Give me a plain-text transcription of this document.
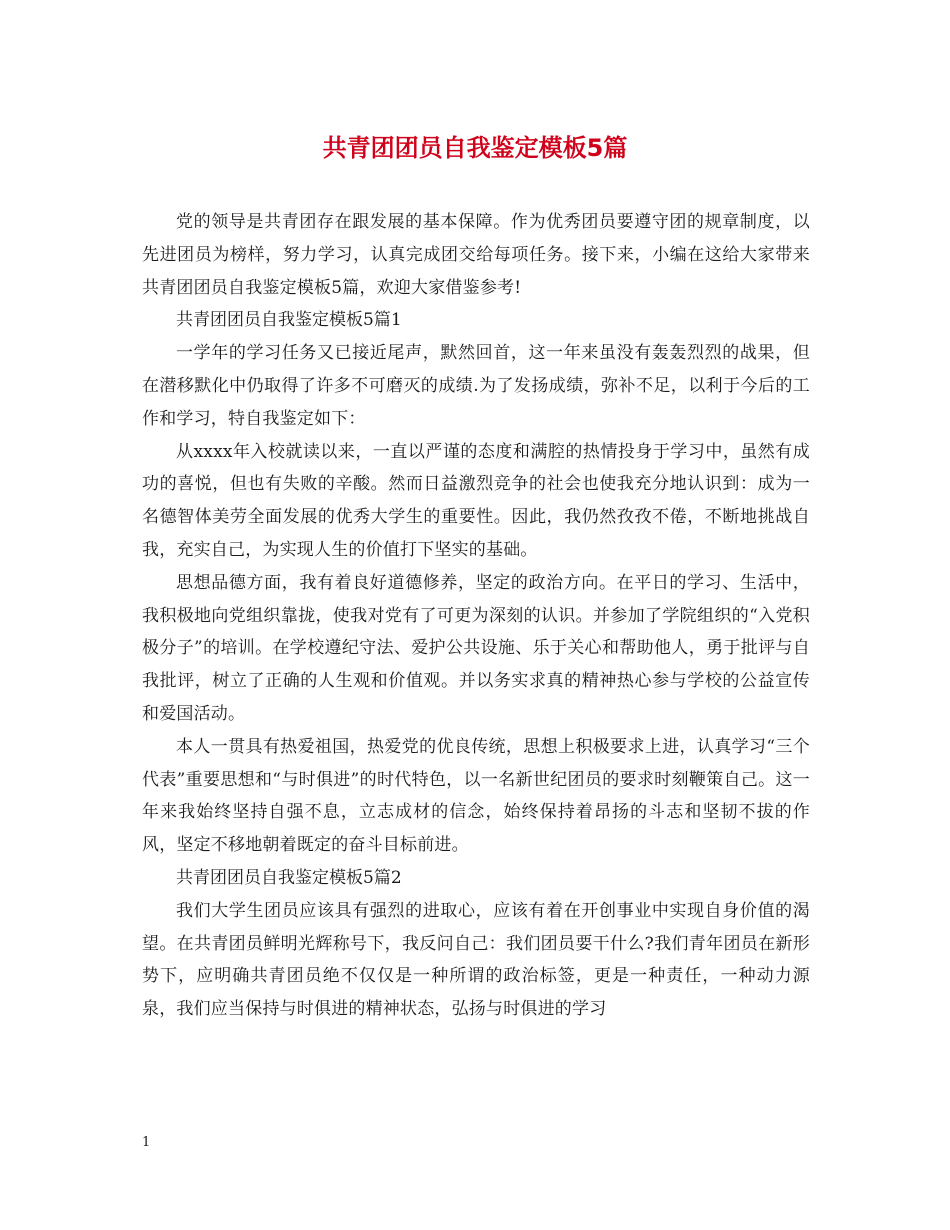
共青团团员自我鉴定模板5篇

党的领导是共青团存在跟发展的基本保障。作为优秀团员要遵守团的规章制度，以先进团员为榜样，努力学习，认真完成团交给每项任务。接下来，小编在这给大家带来共青团团员自我鉴定模板5篇，欢迎大家借鉴参考!

共青团团员自我鉴定模板5篇1

一学年的学习任务又已接近尾声，默然回首，这一年来虽没有轰轰烈烈的战果，但在潜移默化中仍取得了许多不可磨灭的成绩.为了发扬成绩，弥补不足，以利于今后的工作和学习，特自我鉴定如下：

从xxxx年入校就读以来，一直以严谨的态度和满腔的热情投身于学习中，虽然有成功的喜悦，但也有失败的辛酸。然而日益激烈竞争的社会也使我充分地认识到：成为一名德智体美劳全面发展的优秀大学生的重要性。因此，我仍然孜孜不倦，不断地挑战自我，充实自己，为实现人生的价值打下坚实的基础。

思想品德方面，我有着良好道德修养，坚定的政治方向。在平日的学习、生活中，我积极地向党组织靠拢，使我对党有了可更为深刻的认识。并参加了学院组织的“入党积极分子”的培训。在学校遵纪守法、爱护公共设施、乐于关心和帮助他人，勇于批评与自我批评，树立了正确的人生观和价值观。并以务实求真的精神热心参与学校的公益宣传和爱国活动。

本人一贯具有热爱祖国，热爱党的优良传统，思想上积极要求上进，认真学习“三个代表”重要思想和“与时俱进”的时代特色，以一名新世纪团员的要求时刻鞭策自己。这一年来我始终坚持自强不息，立志成材的信念，始终保持着昂扬的斗志和坚韧不拔的作风，坚定不移地朝着既定的奋斗目标前进。

共青团团员自我鉴定模板5篇2

我们大学生团员应该具有强烈的进取心，应该有着在开创事业中实现自身价值的渴望。在共青团员鲜明光辉称号下，我反问自己：我们团员要干什么?我们青年团员在新形势下，应明确共青团员绝不仅仅是一种所谓的政治标签，更是一种责任，一种动力源泉，我们应当保持与时俱进的精神状态，弘扬与时俱进的学习

1
